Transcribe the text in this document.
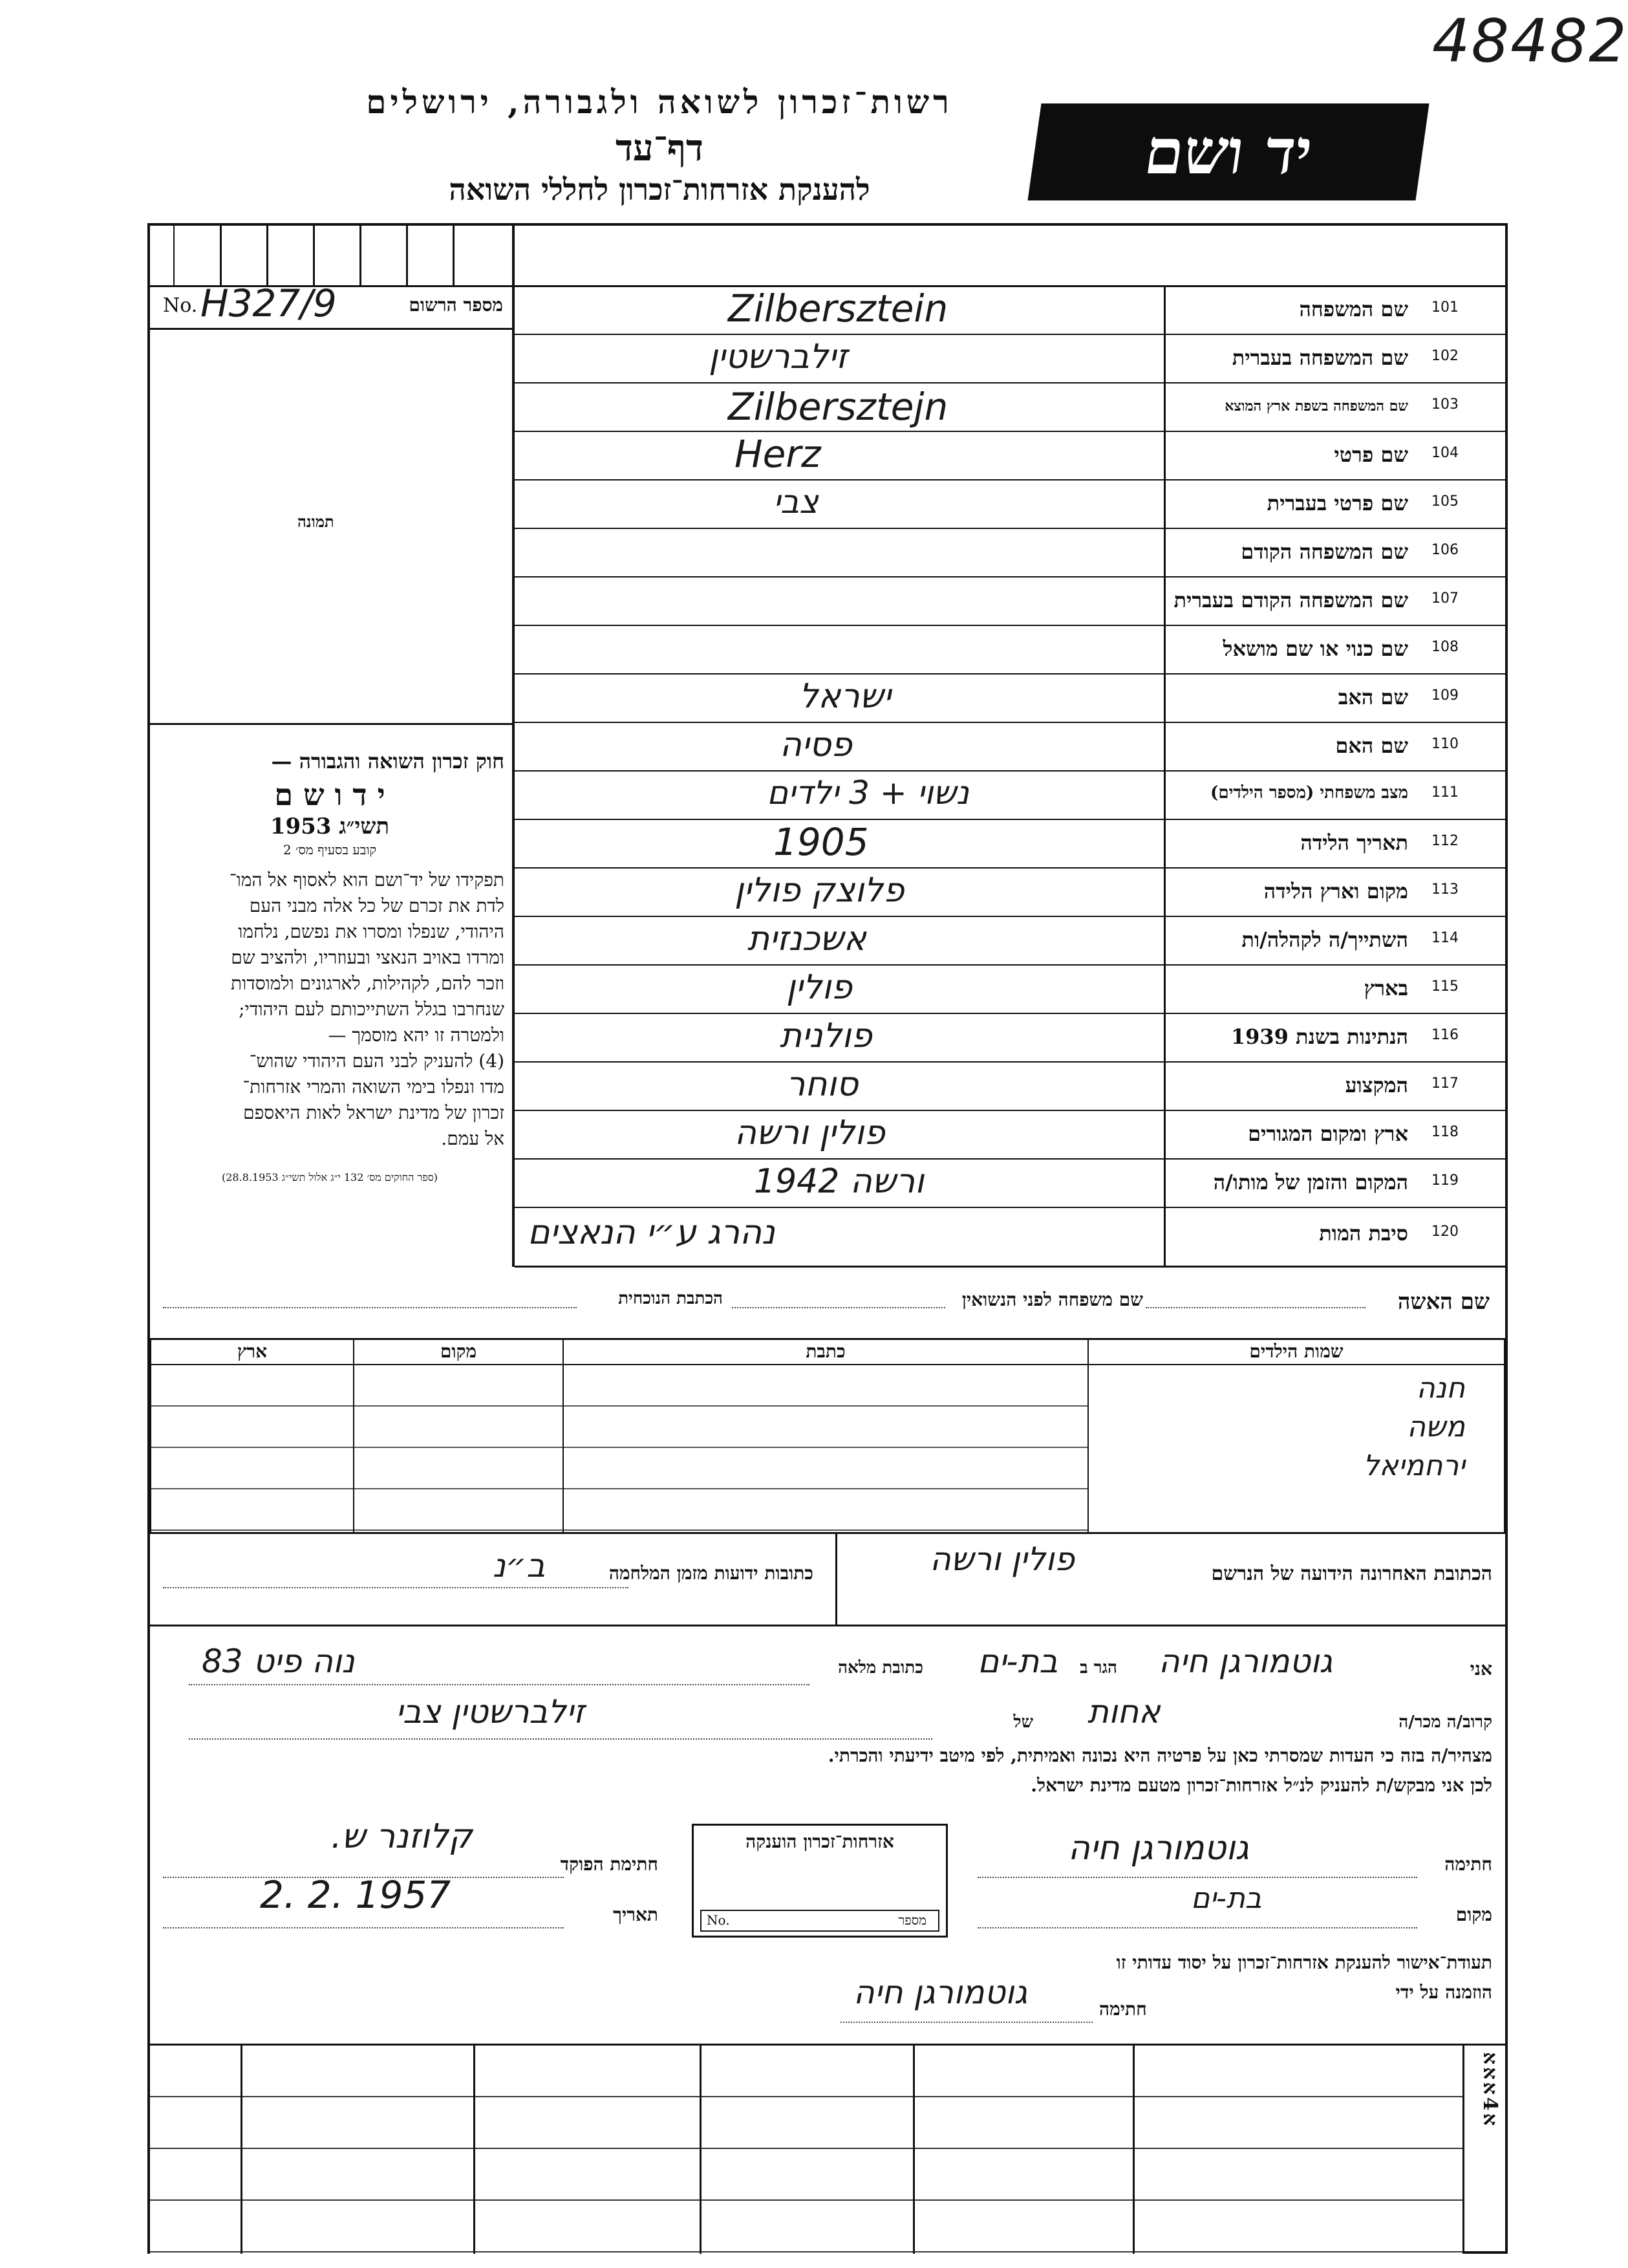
48482
רשות־זכרון לשואה ולגבורה, ירושלים
דף־עד
להענקת אזרחות־זכרון לחללי השואה
יד ושם
No. H327/9	מספר הרשום
תמונה
חוק זכרון השואה והגבורה —
י ד ו ש ם
תשי״ג 1953
קובע בסעיף מס׳ 2
תפקידו של יד־ושם הוא לאסוף אל המו־
לדת את זכרם של כל אלה מבני העם
היהודי, שנפלו ומסרו את נפשם, נלחמו
ומרדו באויב הנאצי ובעוזריו, ולהציב שם
וזכר להם, לקהילות, לארגונים ולמוסדות
שנחרבו בגלל השתייכותם לעם היהודי;
ולמטרה זו יהא מוסמך —
(4) להעניק לבני העם היהודי שהוש־
מדו ונפלו בימי השואה והמרי אזרחות־
זכרון של מדינת ישראל לאות היאספם
אל עמם.
(ספר החוקים מס׳ 132 י״ג אלול תשי״ג 28.8.1953)
Zilbersztein	שם המשפחה 101
זילברשטין	שם המשפחה בעברית 102
Zilbersztejn	שם המשפחה בשפת ארץ המוצא 103
Herz	שם פרטי 104
צבי	שם פרטי בעברית 105
שם המשפחה הקודם 106
שם המשפחה הקודם בעברית 107
שם כנוי או שם מושאל 108
ישראל	שם האב 109
פסיה	שם האם 110
נשוי + 3 ילדים	מצב משפחתי (מספר הילדים) 111
1905	תאריך הלידה 112
פלוצק פולין	מקום וארץ הלידה 113
אשכנזית	השתייך/ה לקהלה/ות 114
פולין	בארץ 115
פולנית	הנתינות בשנת 1939 116
סוחר	המקצוע 117
פולין ורשה	ארץ ומקום המגורים 118
ורשה 1942	המקום והזמן של מותו/ה 119
נהרג ע״י הנאצים	סיבת המות 120
שם האשה
שם משפחה לפני הנשואין
הכתבת הנוכחית
ארץ	מקום	כתבת	שמות הילדים

			חנה
משה
ירחמיאל
הכתובת האחרונה הידועה של הנרשם
פולין ורשה
כתובות ידועות מזמן המלחמה
ב״נ
אני
גוטמורגן חיה
הגר ב
בת-ים
כתובת מלאה
נוה פיט 83
קרוב/ה מכר/ה
אחות
של
זילברשטין צבי
מצהיר/ה בזה כי העדות שמסרתי כאן על פרטיה היא נכונה ואמיתית, לפי מיטב ידיעתי והכרתי.
לכן אני מבקש/ת להעניק לנ״ל אזרחות־זכרון מטעם מדינת ישראל.
חתימה
גוטמורגן חיה
מקום
בת-ים
אזרחות־זכרון הוענקה
No.	מספר
חתימת הפוקד
קלוזנר ש.
תאריך
2. 2. 1957
תעודת־אישור להענקת אזרחות־זכרון על יסוד עדותי זו
הוזמנה על ידי
חתימה
גוטמורגן חיה
א4אאא
